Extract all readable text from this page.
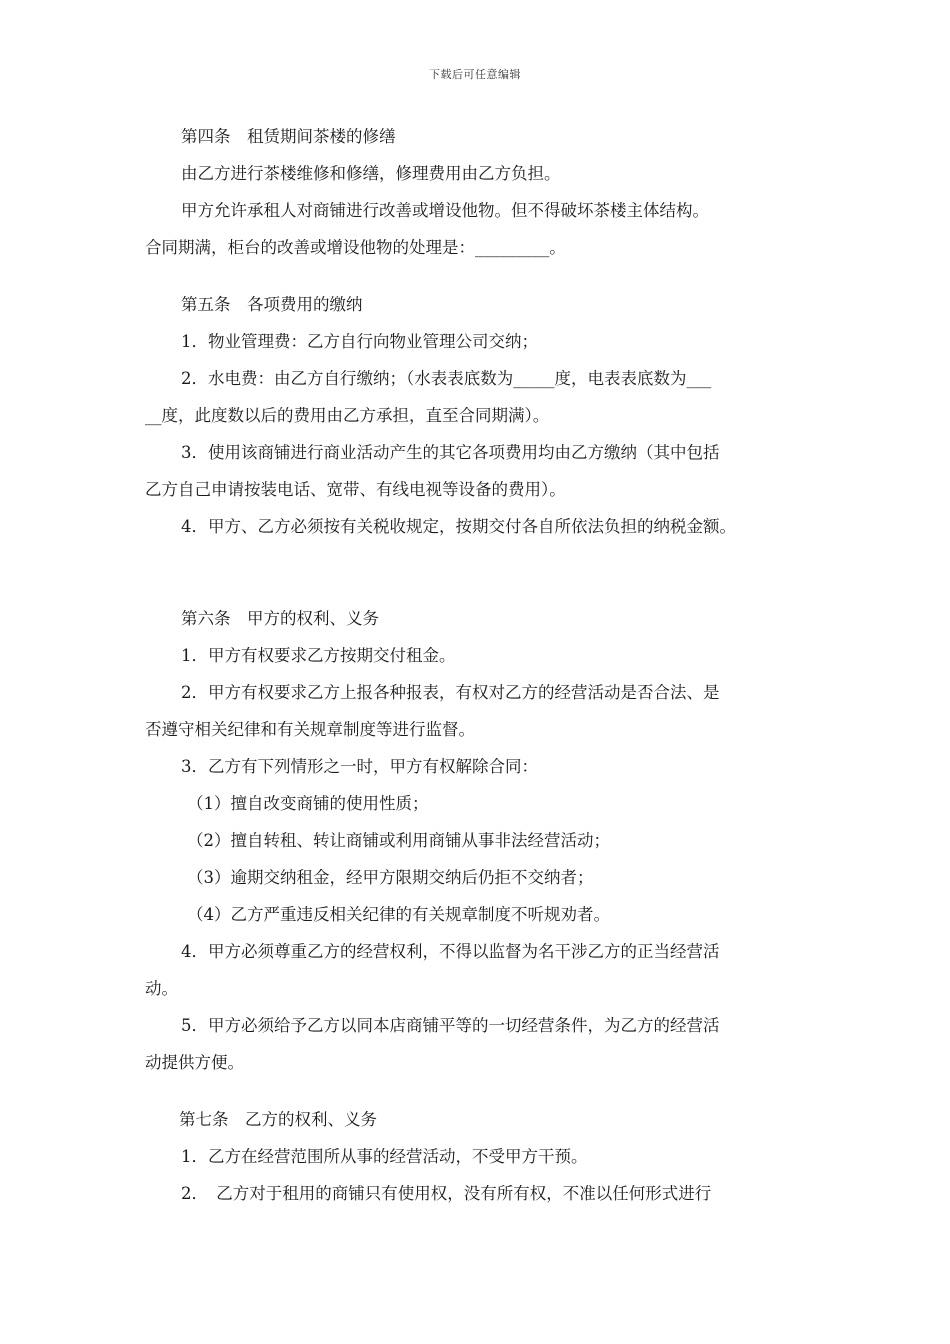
下载后可任意编辑
第四条　租赁期间茶楼的修缮
由乙方进行茶楼维修和修缮，修理费用由乙方负担。
甲方允许承租人对商铺进行改善或增设他物。但不得破坏茶楼主体结构。
合同期满，柜台的改善或增设他物的处理是：_________。
第五条　各项费用的缴纳
1．物业管理费：乙方自行向物业管理公司交纳；
2．水电费：由乙方自行缴纳；（水表表底数为_____度，电表表底数为___
__度，此度数以后的费用由乙方承担，直至合同期满）。
3．使用该商铺进行商业活动产生的其它各项费用均由乙方缴纳（其中包括
乙方自己申请按装电话、宽带、有线电视等设备的费用）。
4．甲方、乙方必须按有关税收规定，按期交付各自所依法负担的纳税金额。
第六条　甲方的权利、义务
1．甲方有权要求乙方按期交付租金。
2．甲方有权要求乙方上报各种报表，有权对乙方的经营活动是否合法、是
否遵守相关纪律和有关规章制度等进行监督。
3．乙方有下列情形之一时，甲方有权解除合同：
（1）擅自改变商铺的使用性质；
（2）擅自转租、转让商铺或利用商铺从事非法经营活动；
（3）逾期交纳租金，经甲方限期交纳后仍拒不交纳者；
（4）乙方严重违反相关纪律的有关规章制度不听规劝者。
4．甲方必须尊重乙方的经营权利，不得以监督为名干涉乙方的正当经营活
动。
5．甲方必须给予乙方以同本店商铺平等的一切经营条件，为乙方的经营活
动提供方便。
第七条　乙方的权利、义务
1．乙方在经营范围所从事的经营活动，不受甲方干预。
2．　乙方对于租用的商铺只有使用权，没有所有权，不准以任何形式进行
